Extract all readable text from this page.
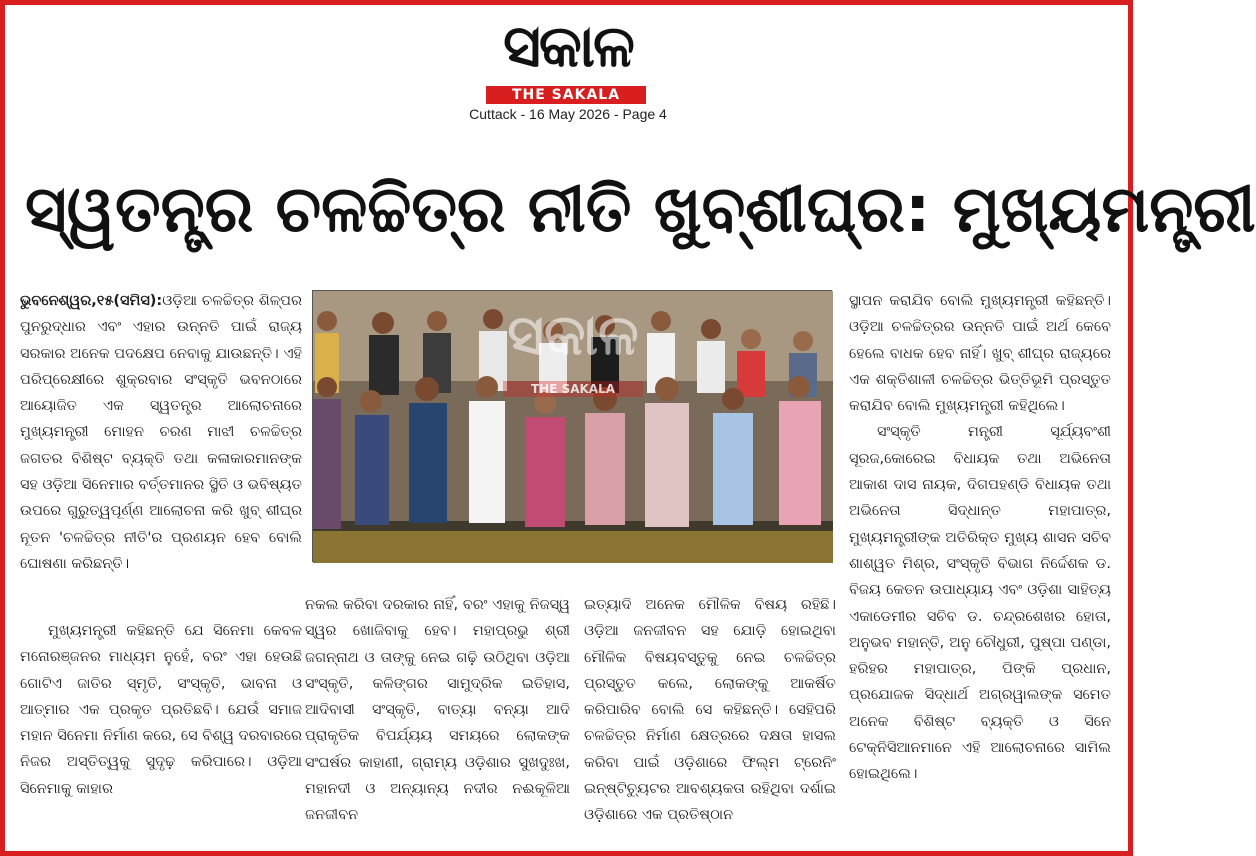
ସକାଳ
THE SAKALA
Cuttack - 16 May 2026 - Page 4
ସ୍ୱତନ୍ତ୍ର ଚଳଚ୍ଚିତ୍ର ନୀତି ଖୁବ୍‌ଶୀଘ୍ର: ମୁଖ୍ୟମନ୍ତ୍ରୀ
ଭୁବନେଶ୍ୱର,୧୫(ସମିସ):ଓଡ଼ିଆ ଚଳଚ୍ଚିତ୍ର ଶିଳ୍ପର ପୁନରୁଦ୍ଧାର ଏବଂ ଏହାର ଉନ୍ନତି ପାଇଁ ରାଜ୍ୟ ସରକାର ଅନେକ ପଦକ୍ଷେପ ନେବାକୁ ଯାଉଛନ୍ତି। ଏହି ପରିପ୍ରେକ୍ଷୀରେ ଶୁକ୍ରବାର ସଂସ୍କୃତି ଭବନଠାରେ ଆୟୋଜିତ ଏକ ସ୍ୱତନ୍ତ୍ର ଆଲୋଚନାରେ ମୁଖ୍ୟମନ୍ତ୍ରୀ ମୋହନ ଚରଣ ମାଝୀ ଚଳଚ୍ଚିତ୍ର ଜଗତର ବିଶିଷ୍ଟ ବ୍ୟକ୍ତି ତଥା କଳାକାରମାନଙ୍କ ସହ ଓଡ଼ିଆ ସିନେମାର ବର୍ତ୍ତମାନର ସ୍ଥିତି ଓ ଭବିଷ୍ୟତ ଉପରେ ଗୁରୁତ୍ୱପୂର୍ଣ୍ଣ ଆଲୋଚନା କରି ଖୁବ୍ ଶୀଘ୍ର ନୂତନ 'ଚଳଚ୍ଚିତ୍ର ନୀତି'ର ପ୍ରଣୟନ ହେବ ବୋଲି ଘୋଷଣା କରିଛନ୍ତି।
ମୁଖ୍ୟମନ୍ତ୍ରୀ କହିଛନ୍ତି ଯେ ସିନେମା କେବଳ ମନୋରଞ୍ଜନର ମାଧ୍ୟମ ନୁହେଁ, ବରଂ ଏହା ହେଉଛି ଗୋଟିଏ ଜାତିର ସ୍ମୃତି, ସଂସ୍କୃତି, ଭାବନା ଓ ଆତ୍ମାର ଏକ ପ୍ରକୃତ ପ୍ରତିଛବି। ଯେଉଁ ସମାଜ ମହାନ ସିନେମା ନିର୍ମାଣ କରେ, ସେ ବିଶ୍ୱ ଦରବାରରେ ନିଜର ଅସ୍ତିତ୍ୱକୁ ସୁଦୃଢ଼ କରିପାରେ। ଓଡ଼ିଆ ସିନେମାକୁ କାହାର
ସକାଳ
THE SAKALA
ନକଲ କରିବା ଦରକାର ନାହିଁ, ବରଂ ଏହାକୁ ନିଜସ୍ୱ ସ୍ୱର ଖୋଜିବାକୁ ହେବ। ମହାପ୍ରଭୁ ଶ୍ରୀ ଜଗନ୍ନାଥ ଓ ତାଙ୍କୁ ନେଇ ଗଢ଼ି ଉଠିଥିବା ଓଡ଼ିଆ ସଂସ୍କୃତି, କଳିଙ୍ଗର ସାମୁଦ୍ରିକ ଇତିହାସ, ଆଦିବାସୀ ସଂସ୍କୃତି, ବାତ୍ୟା ବନ୍ୟା ଆଦି ପ୍ରାକୃତିକ ବିପର୍ଯ୍ୟୟ ସମୟରେ ଲୋକଙ୍କ ସଂଘର୍ଷର କାହାଣୀ, ଗ୍ରାମ୍ୟ ଓଡ଼ିଶାର ସୁଖଦୁଃଖ, ମହାନଦୀ ଓ ଅନ୍ୟାନ୍ୟ ନଦୀର ନଈକୂଳିଆ ଜନଜୀବନ
ଇତ୍ୟାଦି ଅନେକ ମୌଳିକ ବିଷୟ ରହିଛି। ଓଡ଼ିଆ ଜନଜୀବନ ସହ ଯୋଡ଼ି ହୋଇଥିବା ମୌଳିକ ବିଷୟବସ୍ତୁକୁ ନେଇ ଚଳଚ୍ଚିତ୍ର ପ୍ରସ୍ତୁତ କଲେ, ଲୋକଙ୍କୁ ଆକର୍ଷିତ କରିପାରିବ ବୋଲି ସେ କହିଛନ୍ତି। ସେହିପରି ଚଳଚ୍ଚିତ୍ର ନିର୍ମାଣ କ୍ଷେତ୍ରରେ ଦକ୍ଷତା ହାସଲ କରିବା ପାଇଁ ଓଡ଼ିଶାରେ ଫିଲ୍ମ ଟ୍ରେନିଂ ଇନ୍‌ଷ୍ଟିଚ୍ୟୁଟର ଆବଶ୍ୟକତା ରହିଥିବା ଦର୍ଶାଇ ଓଡ଼ିଶାରେ ଏକ ପ୍ରତିଷ୍ଠାନ
ସ୍ଥାପନ କରାଯିବ ବୋଲି ମୁଖ୍ୟମନ୍ତ୍ରୀ କହିଛନ୍ତି। ଓଡ଼ିଆ ଚଳଚ୍ଚିତ୍ରର ଉନ୍ନତି ପାଇଁ ଅର୍ଥ କେବେ ହେଲେ ବାଧକ ହେବ ନାହିଁ। ଖୁବ୍ ଶୀଘ୍ର ରାଜ୍ୟରେ ଏକ ଶକ୍ତିଶାଳୀ ଚଳଚ୍ଚିତ୍ର ଭିତ୍ତିଭୂମି ପ୍ରସ୍ତୁତ କରାଯିବ ବୋଲି ମୁଖ୍ୟମନ୍ତ୍ରୀ କହିଥିଲେ।
ସଂସ୍କୃତି ମନ୍ତ୍ରୀ ସୂର୍ଯ୍ୟବଂଶୀ ସୂରଜ,କୋରେଇ ବିଧାୟକ ତଥା ଅଭିନେତା ଆକାଶ ଦାସ ନାୟକ, ଦିଗପହଣ୍ଡି ବିଧାୟକ ତଥା ଅଭିନେତା ସିଦ୍ଧାନ୍ତ ମହାପାତ୍ର, ମୁଖ୍ୟମନ୍ତ୍ରୀଙ୍କ ଅତିରିକ୍ତ ମୁଖ୍ୟ ଶାସନ ସଚିବ ଶାଶ୍ୱତ ମିଶ୍ର, ସଂସ୍କୃତି ବିଭାଗ ନିର୍ଦ୍ଦେଶକ ଡ. ବିଜୟ କେତନ ଉପାଧ୍ୟାୟ ଏବଂ ଓଡ଼ିଶା ସାହିତ୍ୟ ଏକାଡେମୀର ସଚିବ ଡ. ଚନ୍ଦ୍ରଶେଖର ହୋତା, ଅନୁଭବ ମହାନ୍ତି, ଅନୁ ଚୌଧୁରୀ, ପୁଷ୍ପା ପଣ୍ଡା, ହରିହର ମହାପାତ୍ର, ପିଙ୍କି ପ୍ରଧାନ, ପ୍ରଯୋଜକ ସିଦ୍ଧାର୍ଥ ଅଗ୍ରୱାଲଙ୍କ ସମେତ ଅନେକ ବିଶିଷ୍ଟ ବ୍ୟକ୍ତି ଓ ସିନେ ଟେକ୍ନିସିଆନମାନେ ଏହି ଆଲୋଚନାରେ ସାମିଲ ହୋଇଥିଲେ।
